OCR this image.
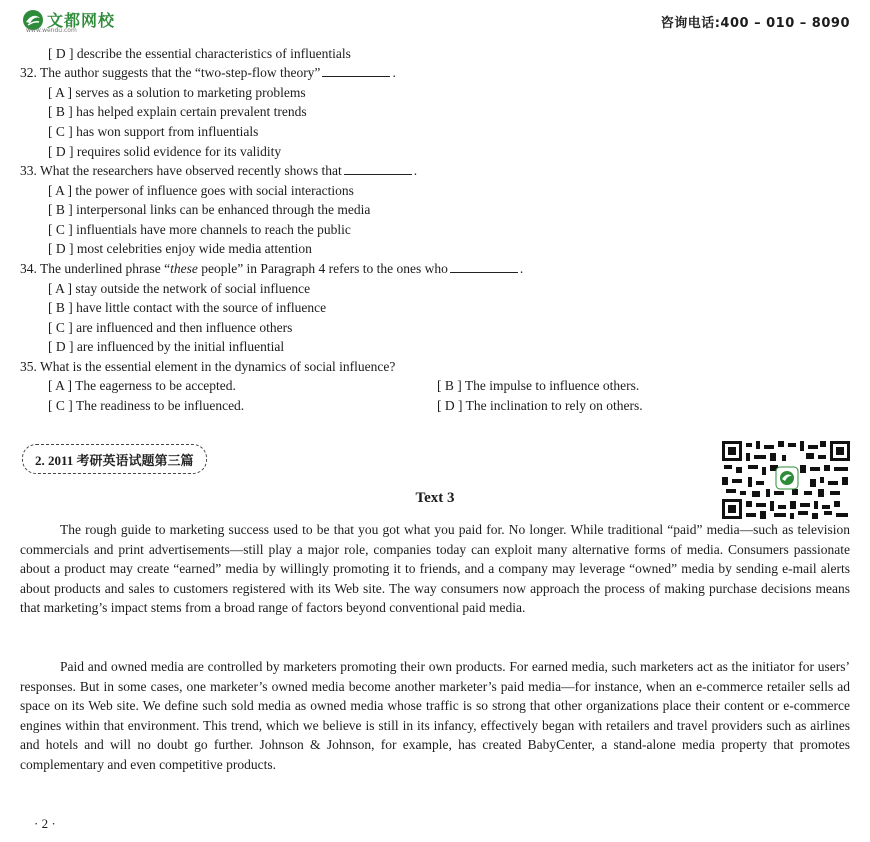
文都网校
www.wendu.com	咨询电话:400 – 010 – 8090
[ D ] describe the essential characteristics of influentials
32. The author suggests that the “two-step-flow theory”	.
[ A ] serves as a solution to marketing problems
[ B ] has helped explain certain prevalent trends
[ C ] has won support from influentials
[ D ] requires solid evidence for its validity
33. What the researchers have observed recently shows that	.
[ A ] the power of influence goes with social interactions
[ B ] interpersonal links can be enhanced through the media
[ C ] influentials have more channels to reach the public
[ D ] most celebrities enjoy wide media attention
34. The underlined phrase “these people” in Paragraph 4 refers to the ones who	.
[ A ] stay outside the network of social influence
[ B ] have little contact with the source of influence
[ C ] are influenced and then influence others
[ D ] are influenced by the initial influential
35. What is the essential element in the dynamics of social influence?
[ A ] The eagerness to be accepted.	[ B ] The impulse to influence others.
[ C ] The readiness to be influenced.	[ D ] The inclination to rely on others.
2. 2011 考研英语试题第三篇
Text 3
The rough guide to marketing success used to be that you got what you paid for. No longer. While traditional “paid” media—such as television commercials and print advertisements—still play a major role, companies today can exploit many alternative forms of media. Consumers passionate about a product may create “earned” media by willingly promoting it to friends, and a company may leverage “owned” media by sending e-mail alerts about products and sales to customers registered with its Web site. The way consumers now approach the process of making purchase decisions means that marketing’s impact stems from a broad range of factors beyond conventional paid media.
Paid and owned media are controlled by marketers promoting their own products. For earned media, such marketers act as the initiator for users’ responses. But in some cases, one marketer’s owned media become another marketer’s paid media—for instance, when an e-commerce retailer sells ad space on its Web site. We define such sold media as owned media whose traffic is so strong that other organizations place their content or e-commerce engines within that environment. This trend, which we believe is still in its infancy, effectively began with retailers and travel providers such as airlines and hotels and will no doubt go further. Johnson & Johnson, for example, has created BabyCenter, a stand-alone media property that promotes complementary and even competitive products.
· 2 ·
